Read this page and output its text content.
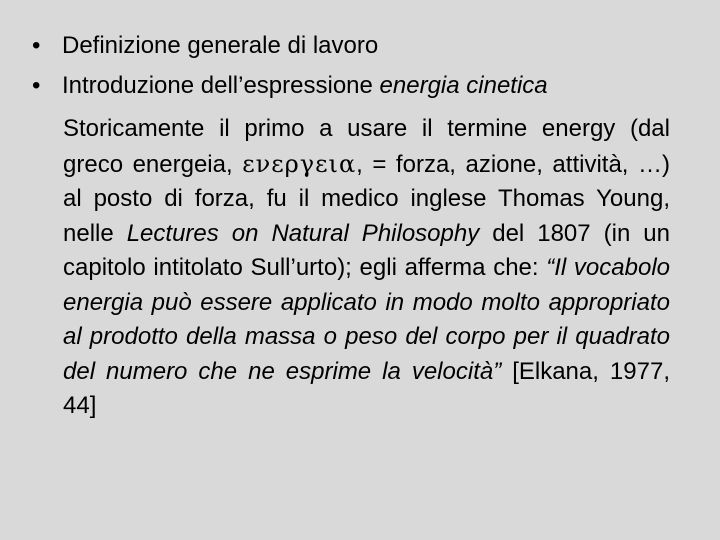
• Definizione generale di lavoro
• Introduzione dell’espressione energia cinetica
Storicamente il primo a usare il termine energy (dal greco energeia, ενεργεια, = forza, azione, attività, …) al posto di forza, fu il medico inglese Thomas Young, nelle Lectures on Natural Philosophy del 1807 (in un capitolo intitolato Sull’urto); egli afferma che: “Il vocabolo energia può essere applicato in modo molto appropriato al prodotto della massa o peso del corpo per il quadrato del numero che ne esprime la velocità” [Elkana, 1977, 44]
